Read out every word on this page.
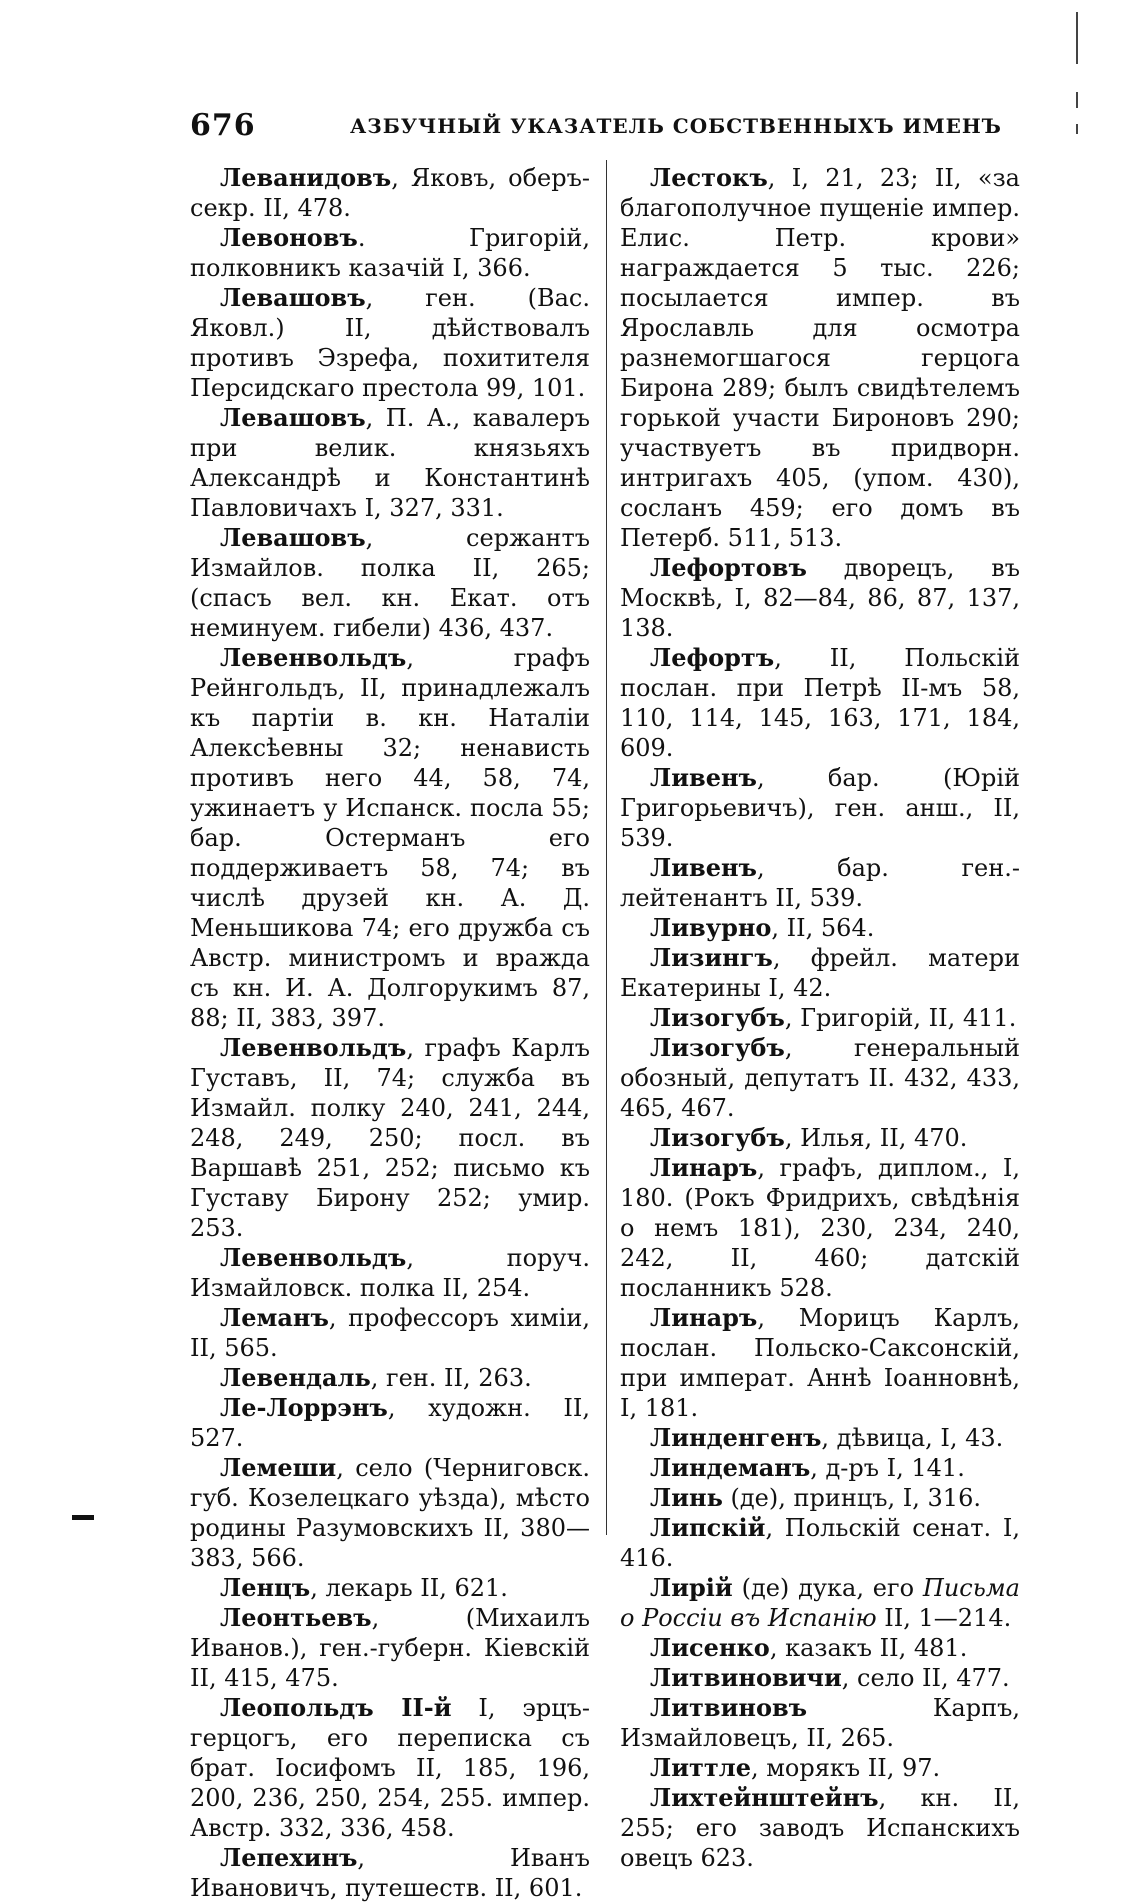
676	АЗБУЧНЫЙ УКАЗАТЕЛЬ СОБСТВЕННЫХЪ ИМЕНЪ

Леванидовъ, Яковъ, оберъ-секр. II, 478.

Левоновъ. Григорій, полковникъ казачій I, 366.

Левашовъ, ген. (Вас. Яковл.) II, дѣйствовалъ противъ Эзрефа, похитителя Персидскаго престола 99, 101.

Левашовъ, П. А., кавалеръ при велик. князьяхъ Александрѣ и Константинѣ Павловичахъ I, 327, 331.

Левашовъ, сержантъ Измайлов. полка II, 265; (спасъ вел. кн. Екат. отъ неминуем. гибели) 436, 437.

Левенвольдъ, графъ Рейнгольдъ, II, принадлежалъ къ партіи в. кн. Наталіи Алексѣевны 32; ненависть противъ него 44, 58, 74, ужинаетъ у Испанск. посла 55; бар. Остерманъ его поддерживаетъ 58, 74; въ числѣ друзей кн. А. Д. Меньшикова 74; его дружба съ Австр. министромъ и вражда съ кн. И. А. Долгорукимъ 87, 88; II, 383, 397.

Левенвольдъ, графъ Карлъ Густавъ, II, 74; служба въ Измайл. полку 240, 241, 244, 248, 249, 250; посл. въ Варшавѣ 251, 252; письмо къ Густаву Бирону 252; умир. 253.

Левенвольдъ, поруч. Измайловск. полка II, 254.

Леманъ, профессоръ химіи, II, 565.

Левендаль, ген. II, 263.

Ле-Лоррэнъ, художн. II, 527.

Лемеши, село (Черниговск. губ. Козелецкаго уѣзда), мѣсто родины Разумовскихъ II, 380—383, 566.

Ленцъ, лекарь II, 621.

Леонтьевъ, (Михаилъ Иванов.), ген.-губерн. Кіевскій II, 415, 475.

Леопольдъ II-й I, эрцъ-герцогъ, его переписка съ брат. Іосифомъ II, 185, 196, 200, 236, 250, 254, 255. импер. Австр. 332, 336, 458.

Лепехинъ, Иванъ Ивановичъ, путешеств. II, 601.

Лестокъ, I, 21, 23; II, «за благополучное пущеніе импер. Елис. Петр. крови» награждается 5 тыс. 226; посылается импер. въ Ярославль для осмотра разнемогшагося герцога Бирона 289; былъ свидѣтелемъ горькой участи Бироновъ 290; участвуетъ въ придворн. интригахъ 405, (упом. 430), сосланъ 459; его домъ въ Петерб. 511, 513.

Лефортовъ дворецъ, въ Москвѣ, I, 82—84, 86, 87, 137, 138.

Лефортъ, II, Польскій послан. при Петрѣ II-мъ 58, 110, 114, 145, 163, 171, 184, 609.

Ливенъ, бар. (Юрій Григорьевичъ), ген. анш., II, 539.

Ливенъ, бар. ген.-лейтенантъ II, 539.

Ливурно, II, 564.

Лизингъ, фрейл. матери Екатерины I, 42.

Лизогубъ, Григорій, II, 411.

Лизогубъ, генеральный обозный, депутатъ II. 432, 433, 465, 467.

Лизогубъ, Илья, II, 470.

Линаръ, графъ, диплом., I, 180. (Рокъ Фридрихъ, свѣдѣнія о немъ 181), 230, 234, 240, 242, II, 460; датскій посланникъ 528.

Линаръ, Морицъ Карлъ, послан. Польско-Саксонскій, при императ. Аннѣ Іоанновнѣ, I, 181.

Линденгенъ, дѣвица, I, 43.

Линдеманъ, д-ръ I, 141.

Линь (де), принцъ, I, 316.

Липскій, Польскій сенат. I, 416.

Лирій (де) дука, его Письма о Россіи въ Испанію II, 1—214.

Лисенко, казакъ II, 481.

Литвиновичи, село II, 477.

Литвиновъ Карпъ, Измайловецъ, II, 265.

Литтле, морякъ II, 97.

Лихтейнштейнъ, кн. II, 255; его заводъ Испанскихъ овецъ 623.
